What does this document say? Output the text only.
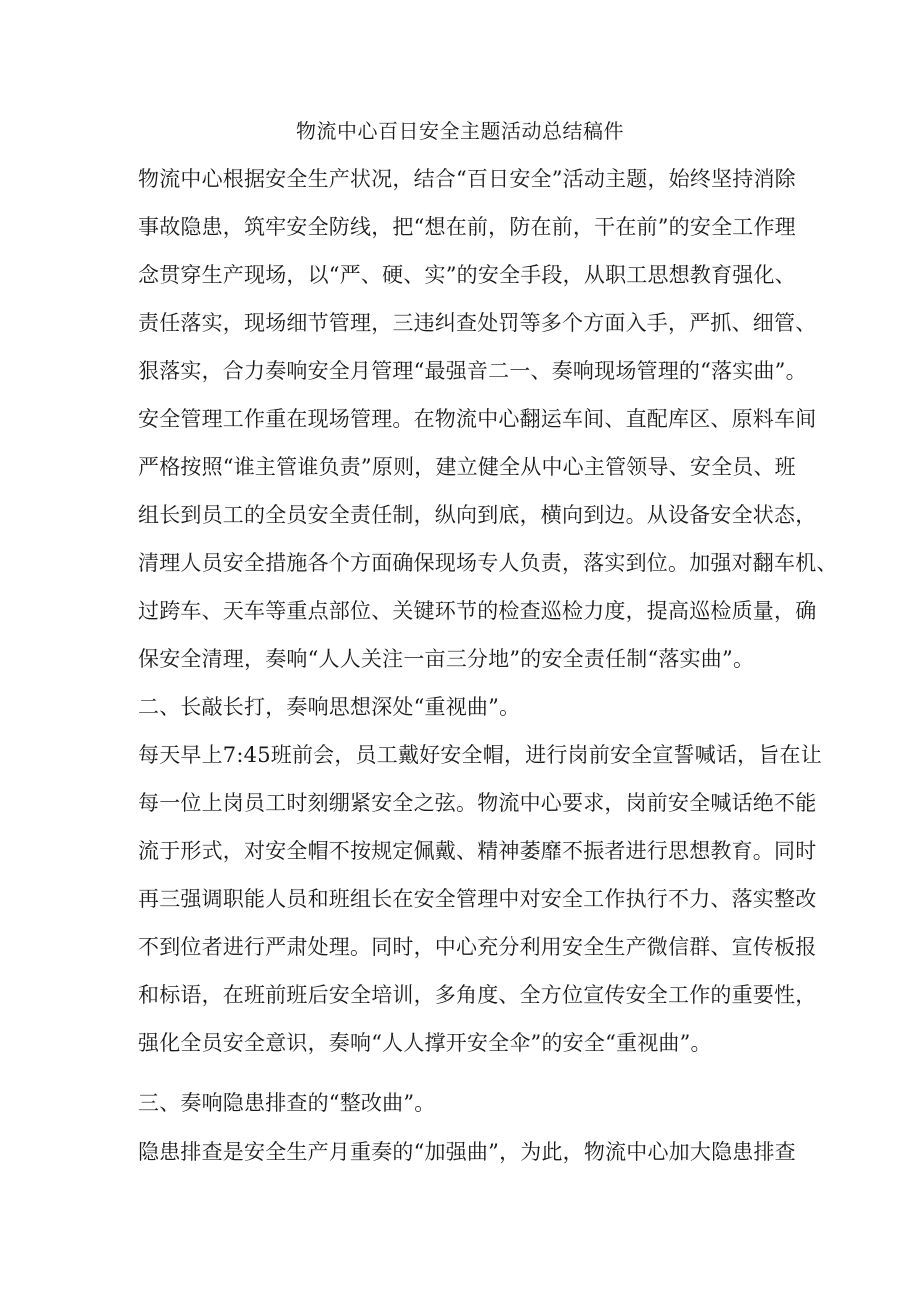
物流中心百日安全主题活动总结稿件
物流中心根据安全生产状况，结合“百日安全”活动主题，始终坚持消除
事故隐患，筑牢安全防线，把“想在前，防在前，干在前”的安全工作理
念贯穿生产现场，以“严、硬、实”的安全手段，从职工思想教育强化、
责任落实，现场细节管理，三违纠查处罚等多个方面入手，严抓、细管、
狠落实，合力奏响安全月管理“最强音二一、奏响现场管理的“落实曲”。
安全管理工作重在现场管理。在物流中心翻运车间、直配库区、原料车间
严格按照“谁主管谁负责”原则，建立健全从中心主管领导、安全员、班
组长到员工的全员安全责任制，纵向到底，横向到边。从设备安全状态，
清理人员安全措施各个方面确保现场专人负责，落实到位。加强对翻车机、
过跨车、天车等重点部位、关键环节的检查巡检力度，提高巡检质量，确
保安全清理，奏响“人人关注一亩三分地”的安全责任制“落实曲”。
二、长敲长打，奏响思想深处“重视曲”。
每天早上7:45班前会，员工戴好安全帽，进行岗前安全宣誓喊话，旨在让
每一位上岗员工时刻绷紧安全之弦。物流中心要求，岗前安全喊话绝不能
流于形式，对安全帽不按规定佩戴、精神萎靡不振者进行思想教育。同时
再三强调职能人员和班组长在安全管理中对安全工作执行不力、落实整改
不到位者进行严肃处理。同时，中心充分利用安全生产微信群、宣传板报
和标语，在班前班后安全培训，多角度、全方位宣传安全工作的重要性，
强化全员安全意识，奏响“人人撑开安全伞”的安全“重视曲”。
三、奏响隐患排查的“整改曲”。
隐患排查是安全生产月重奏的“加强曲”，为此，物流中心加大隐患排查
